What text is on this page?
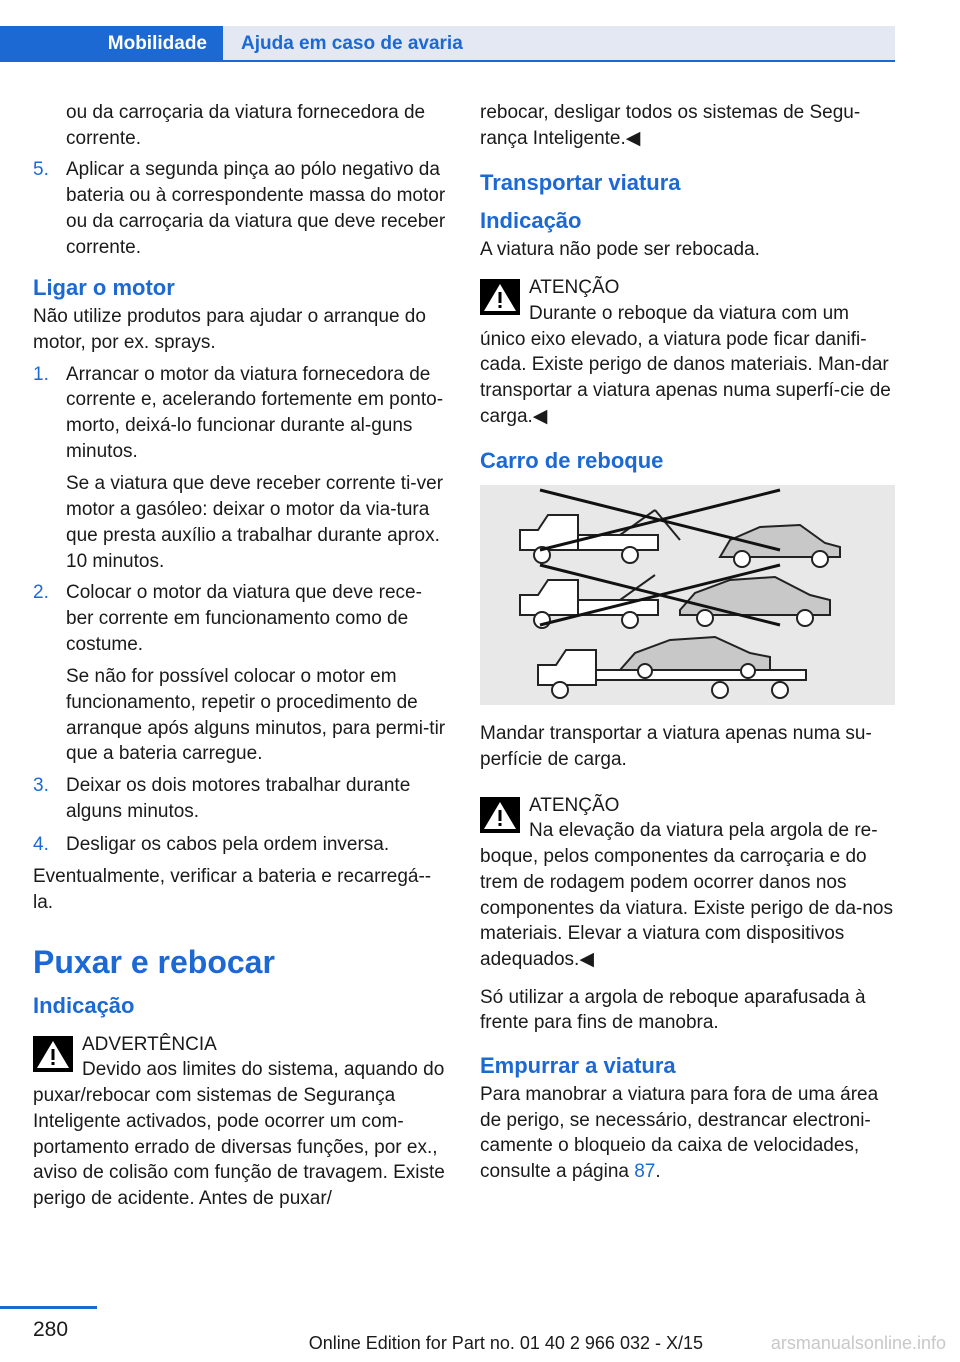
Mobilidade	Ajuda em caso de avaria

ou da carroçaria da viatura fornecedora de corrente.

5. Aplicar a segunda pinça ao pólo negativo da bateria ou à correspondente massa do motor ou da carroçaria da viatura que deve receber corrente.
Ligar o motor

Não utilize produtos para ajudar o arranque do motor, por ex. sprays.

1. Arrancar o motor da viatura fornecedora de corrente e, acelerando fortemente em ponto-morto, deixá-lo funcionar durante al‐guns minutos.

Se a viatura que deve receber corrente ti‐ver motor a gasóleo: deixar o motor da via‐tura que presta auxílio a trabalhar durante aprox. 10 minutos.

2. Colocar o motor da viatura que deve rece‐ber corrente em funcionamento como de costume.

Se não for possível colocar o motor em funcionamento, repetir o procedimento de arranque após alguns minutos, para permi‐tir que a bateria carregue.

3. Deixar os dois motores trabalhar durante alguns minutos.
4. Desligar os cabos pela ordem inversa.

Eventualmente, verificar a bateria e recarregá‐-la.

Puxar e rebocar
Indicação
ADVERTÊNCIA
Devido aos limites do sistema, aquando do puxar/rebocar com sistemas de Segurança Inteligente activados, pode ocorrer um com‐portamento errado de diversas funções, por ex., aviso de colisão com função de travagem. Existe perigo de acidente. Antes de puxar/

rebocar, desligar todos os sistemas de Segu‐rança Inteligente.◀

Transportar viatura
Indicação

A viatura não pode ser rebocada.

ATENÇÃO
Durante o reboque da viatura com um único eixo elevado, a viatura pode ficar danifi‐cada. Existe perigo de danos materiais. Man‐dar transportar a viatura apenas numa superfí‐cie de carga.◀
Carro de reboque

Mandar transportar a viatura apenas numa su‐perfície de carga.

ATENÇÃO
Na elevação da viatura pela argola de re‐boque, pelos componentes da carroçaria e do trem de rodagem podem ocorrer danos nos componentes da viatura. Existe perigo de da‐nos materiais. Elevar a viatura com dispositivos adequados.◀

Só utilizar a argola de reboque aparafusada à frente para fins de manobra.

Empurrar a viatura

Para manobrar a viatura para fora de uma área de perigo, se necessário, destrancar electroni‐camente o bloqueio da caixa de velocidades, consulte a página 87.

280
Online Edition for Part no. 01 40 2 966 032 - X/15	arsmanualsonline.info
